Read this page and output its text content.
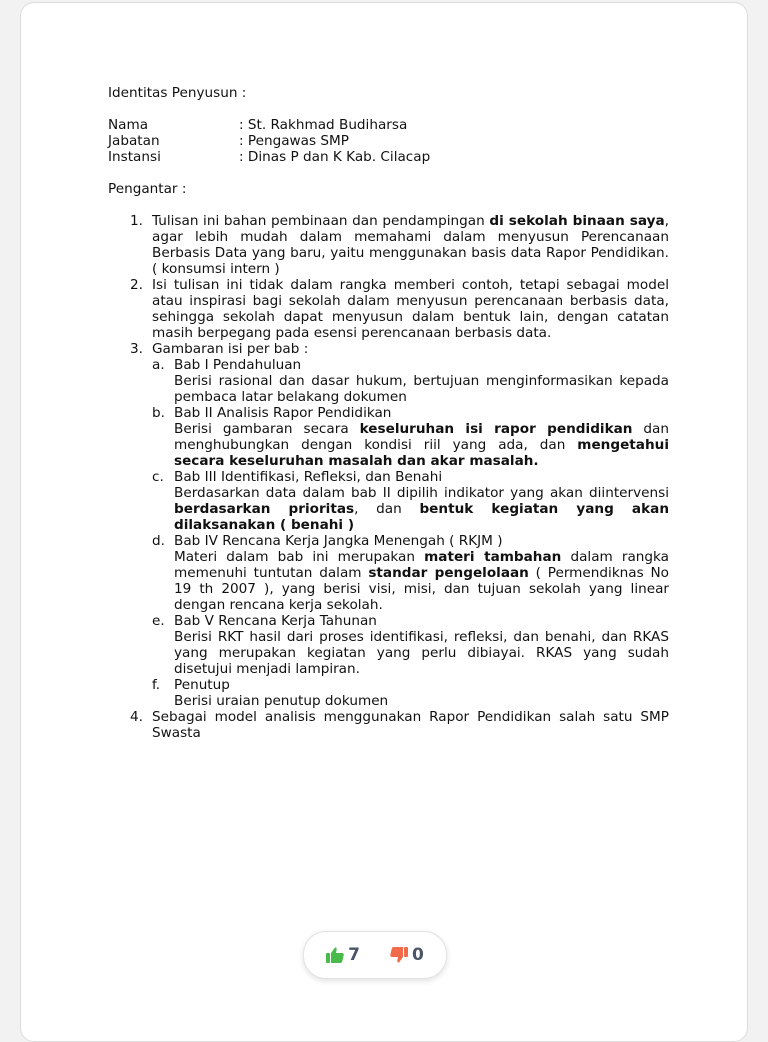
Identitas Penyusun :
Nama	: St. Rakhmad Budiharsa
Jabatan	: Pengawas SMP
Instansi	: Dinas P dan K Kab. Cilacap
Pengantar :
1. Tulisan ini bahan pembinaan dan pendampingan di sekolah binaan saya, agar lebih mudah dalam memahami dalam menyusun Perencanaan Berbasis Data yang baru, yaitu menggunakan basis data Rapor Pendidikan. ( konsumsi intern )
2. Isi tulisan ini tidak dalam rangka memberi contoh, tetapi sebagai model atau inspirasi bagi sekolah dalam menyusun perencanaan berbasis data, sehingga sekolah dapat menyusun dalam bentuk lain, dengan catatan masih berpegang pada esensi perencanaan berbasis data.
3. Gambaran isi per bab :
a. Bab I Pendahuluan
Berisi rasional dan dasar hukum, bertujuan menginformasikan kepada pembaca latar belakang dokumen
b. Bab II Analisis Rapor Pendidikan
Berisi gambaran secara keseluruhan isi rapor pendidikan dan menghubungkan dengan kondisi riil yang ada, dan mengetahui secara keseluruhan masalah dan akar masalah.
c. Bab III Identifikasi, Refleksi, dan Benahi
Berdasarkan data dalam bab II dipilih indikator yang akan diintervensi berdasarkan prioritas, dan bentuk kegiatan yang akan dilaksanakan ( benahi )
d. Bab IV Rencana Kerja Jangka Menengah ( RKJM )
Materi dalam bab ini merupakan materi tambahan dalam rangka memenuhi tuntutan dalam standar pengelolaan ( Permendiknas No 19 th 2007 ), yang berisi visi, misi, dan tujuan sekolah yang linear dengan rencana kerja sekolah.
e. Bab V Rencana Kerja Tahunan
Berisi RKT hasil dari proses identifikasi, refleksi, dan benahi, dan RKAS yang merupakan kegiatan yang perlu dibiayai. RKAS yang sudah disetujui menjadi lampiran.
f. Penutup
Berisi uraian penutup dokumen
4. Sebagai model analisis menggunakan Rapor Pendidikan salah satu SMP Swasta
7	0
